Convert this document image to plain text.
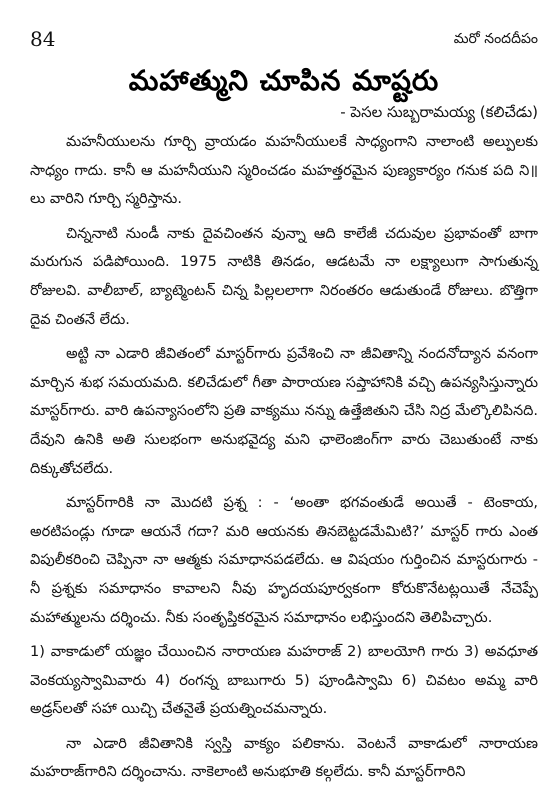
84	మరో నందదీపం
మహాత్ముని చూపిన మాష్టరు
- పెసల సుబ్బరామయ్య (కలిచేడు)

మహనీయులను గూర్చి వ్రాయడం మహనీయులకే సాధ్యంగాని నాలాంటి అల్పులకు సాధ్యం గాదు. కానీ ఆ మహనీయుని స్మరించడం మహత్తరమైన పుణ్యకార్యం గనుక పది ని॥లు వారిని గూర్చి స్మరిస్తాను.

చిన్ననాటి నుండీ నాకు దైవచింతన వున్నా ఆది కాలేజీ చదువుల ప్రభావంతో బాగా మరుగున పడిపోయింది. 1975 నాటికి తినడం, ఆడటమే నా లక్ష్యాలుగా సాగుతున్న రోజులవి. వాలీబాల్, బ్యాట్మెంటన్ చిన్న పిల్లలలాగా నిరంతరం ఆడుతుండే రోజులు. బొత్తిగా దైవ చింతనే లేదు.

అట్టి నా ఎడారి జీవితంలో మాస్టర్‌గారు ప్రవేశించి నా జీవితాన్ని నందనోద్యాన వనంగా మార్చిన శుభ సమయమది. కలిచేడులో గీతా పారాయణ సప్తాహానికి వచ్చి ఉపన్యసిస్తున్నారు మాస్టర్‌గారు. వారి ఉపన్యాసంలోని ప్రతి వాక్యము నన్ను ఉత్తేజితుని చేసి నిద్ర మేల్కొలిపినది. దేవుని ఉనికి అతి సులభంగా అనుభవైద్య మని ఛాలెంజింగ్‌గా వారు చెబుతుంటే నాకు దిక్కుతోచలేదు.

మాస్టర్‌గారికి నా మొదటి ప్రశ్న : - ‘అంతా భగవంతుడే అయితే - టెంకాయ, అరటిపండ్లు గూడా ఆయనే గదా? మరి ఆయనకు తినబెట్టడమేమిటి?’ మాస్టర్ గారు ఎంత విపులీకరించి చెప్పినా నా ఆత్మకు సమాధానపడలేదు. ఆ విషయం గుర్తించిన మాస్టరుగారు - నీ ప్రశ్నకు సమాధానం కావాలని నీవు హృదయపూర్వకంగా కోరుకొనేటట్లయితే నేచెప్పే మహాత్ములను దర్శించు. నీకు సంతృప్తికరమైన సమాధానం లభిస్తుందని తెలిపిచ్చారు.

1) వాకాడులో యజ్ఞం చేయించిన నారాయణ మహరాజ్ 2) బాలయోగి గారు 3) అవధూత వెంకయ్యస్వామివారు 4) రంగన్న బాబుగారు 5) పూండిస్వామి 6) చివటం అమ్మ వారి అడ్రస్‌లతో సహా యిచ్చి చేతనైతే ప్రయత్నించమన్నారు.

నా ఎడారి జీవితానికి స్వస్తి వాక్యం పలికాను. వెంటనే వాకాడులో నారాయణ మహరాజ్‌గారిని దర్శించాను. నాకెలాంటి అనుభూతి కల్గలేదు. కానీ మాస్టర్‌గారిని
